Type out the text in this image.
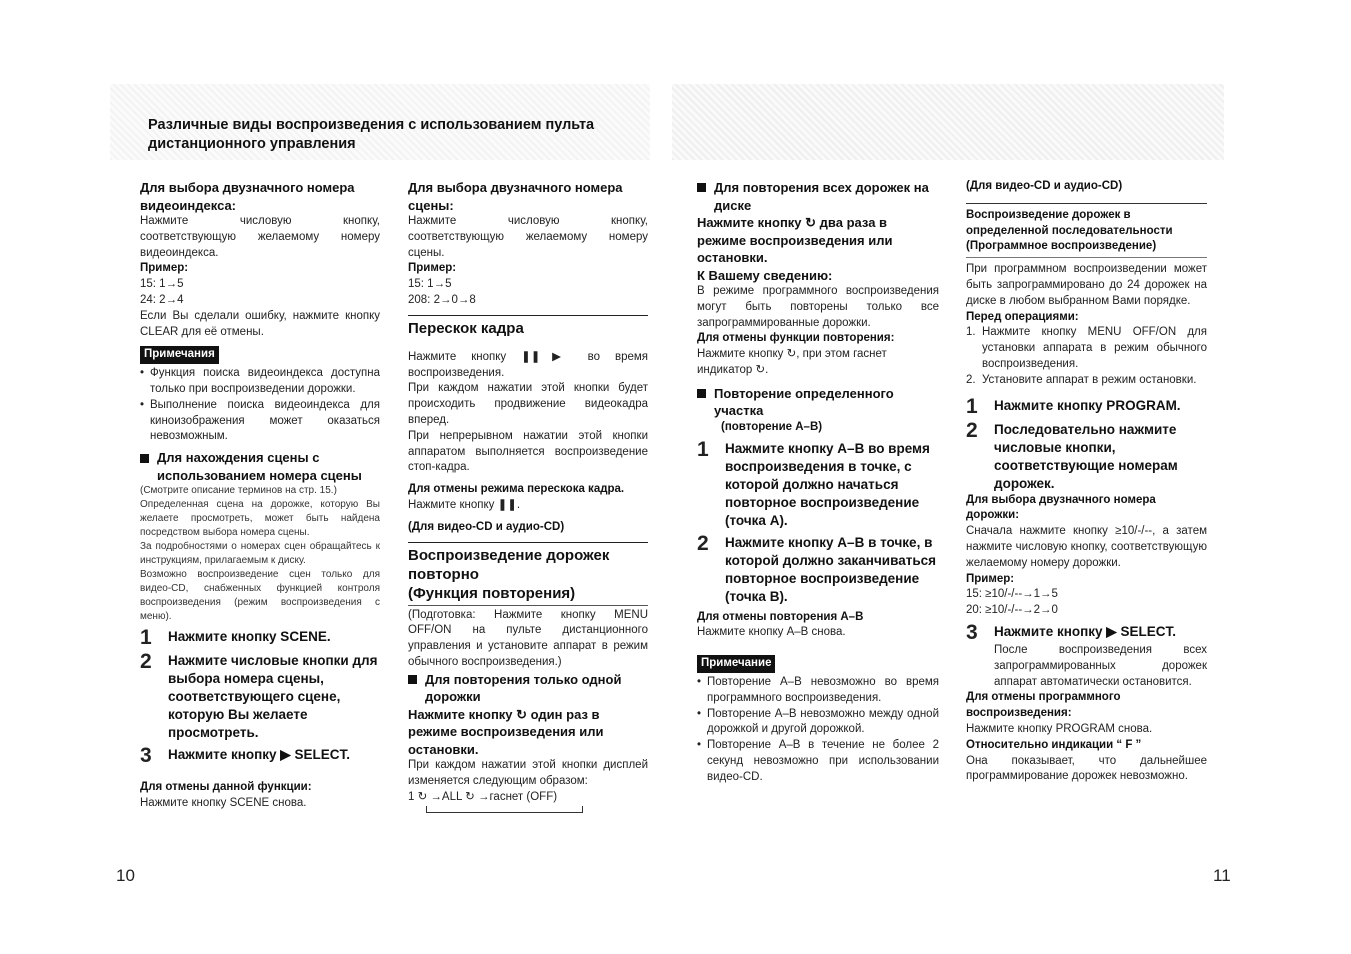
Различные виды воспроизведения с использованием пульта
дистанционного управления

Для выбора двузначного номера видеоиндекса:

Нажмите числовую кнопку, соответствующую желаемому номеру видеоиндекса.

Пример:

15: 1→5

24: 2→4

Если Вы сделали ошибку, нажмите кнопку CLEAR для её отмены.

Примечания
• Функция поиска видеоиндекса доступна только при воспроизведении дорожки.
• Выполнение поиска видеоиндекса для киноизображения может оказаться невозможным.
Для нахождения сцены с использованием номера сцены

(Смотрите описание терминов на стр. 15.)

Определенная сцена на дорожке, которую Вы желаете просмотреть, может быть найдена посредством выбора номера сцены.

За подробностями о номерах сцен обращайтесь к инструкциям, прилагаемым к диску.

Возможно воспроизведение сцен только для видео-CD, снабженных функцией контроля воспроизведения (режим воспроизведения с меню).

1	Нажмите кнопку SCENE.
2	Нажмите числовые кнопки для выбора номера сцены, соответствующего сцене, которую Вы желаете просмотреть.
3	Нажмите кнопку ▶ SELECT.

Для отмены данной функции:

Нажмите кнопку SCENE снова.

Для выбора двузначного номера сцены:

Нажмите числовую кнопку, соответствующую желаемому номеру сцены.

Пример:

15: 1→5

208: 2→0→8

Перескок кадра

Нажмите кнопку ❚❚▶ во время воспроизведения.

При каждом нажатии этой кнопки будет происходить продвижение видеокадра вперед.

При непрерывном нажатии этой кнопки аппаратом выполняется воспроизведение стоп-кадра.

Для отмены режима перескока кадра.

Нажмите кнопку ❚❚.

(Для видео-CD и аудио-CD)

Воспроизведение дорожек
повторно
(Функция повторения)

(Подготовка: Нажмите кнопку MENU OFF/ON на пульте дистанционного управления и установите аппарат в режим обычного воспроизведения.)

Для повторения только одной дорожки

Нажмите кнопку ↻ один раз в режиме воспроизведения или остановки.

При каждом нажатии этой кнопки дисплей изменяется следующим образом:

1 ↻ →ALL ↻ →гаснет (OFF)

Для повторения всех дорожек на диске

Нажмите кнопку ↻ два раза в режиме воспроизведения или остановки.

К Вашему сведению:

В режиме программного воспроизведения могут быть повторены только все запрограммированные дорожки.

Для отмены функции повторения:

Нажмите кнопку ↻, при этом гаснет индикатор ↻.

Повторение определенного участка

(повторение A–B)

1	Нажмите кнопку A–B во время воспроизведения в точке, с которой должно начаться повторное воспроизведение (точка A).
2	Нажмите кнопку A–B в точке, в которой должно заканчиваться повторное воспроизведение (точка B).

Для отмены повторения A–B

Нажмите кнопку A–B снова.

Примечание
• Повторение A–B невозможно во время программного воспроизведения.
• Повторение A–B невозможно между одной дорожкой и другой дорожкой.
• Повторение A–B в течение не более 2 секунд невозможно при использовании видео-CD.

(Для видео-CD и аудио-CD)

Воспроизведение дорожек в
определенной последовательности
(Программное воспроизведение)

При программном воспроизведении может быть запрограммировано до 24 дорожек на диске в любом выбранном Вами порядке.

Перед операциями:

1. Нажмите кнопку MENU OFF/ON для установки аппарата в режим обычного воспроизведения.
2. Установите аппарат в режим остановки.
1	Нажмите кнопку PROGRAM.
2	Последовательно нажмите числовые кнопки, соответствующие номерам дорожек.

Для выбора двузначного номера дорожки:

Сначала нажмите кнопку ≥10/-/--, а затем нажмите числовую кнопку, соответствующую желаемому номеру дорожки.

Пример:

15: ≥10/-/--→1→5

20: ≥10/-/--→2→0

3	Нажмите кнопку ▶ SELECT.

После воспроизведения всех запрограммированных дорожек аппарат автоматически остановится.

Для отмены программного воспроизведения:

Нажмите кнопку PROGRAM снова.

Относительно индикации “ F ”

Она показывает, что дальнейшее программирование дорожек невозможно.

10	11
